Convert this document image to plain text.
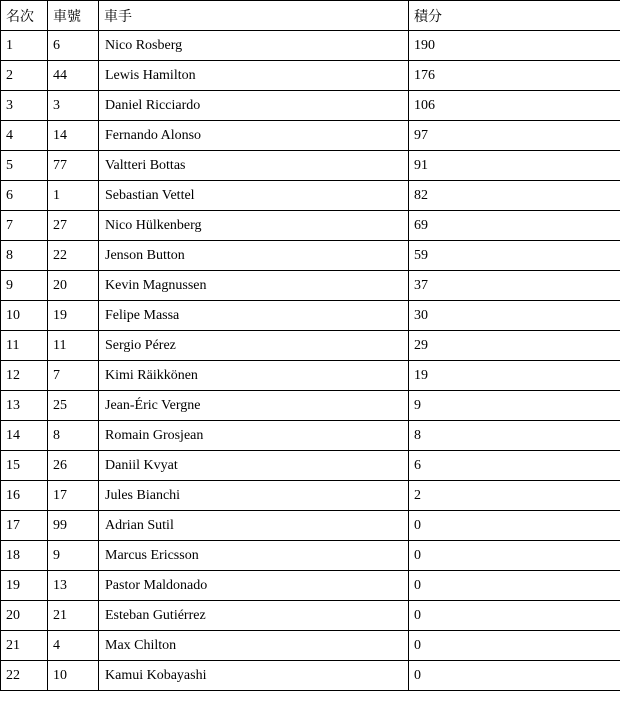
名次	車號	車手	積分
1	6	Nico Rosberg	190
2	44	Lewis Hamilton	176
3	3	Daniel Ricciardo	106
4	14	Fernando Alonso	97
5	77	Valtteri Bottas	91
6	1	Sebastian Vettel	82
7	27	Nico Hülkenberg	69
8	22	Jenson Button	59
9	20	Kevin Magnussen	37
10	19	Felipe Massa	30
11	11	Sergio Pérez	29
12	7	Kimi Räikkönen	19
13	25	Jean-Éric Vergne	9
14	8	Romain Grosjean	8
15	26	Daniil Kvyat	6
16	17	Jules Bianchi	2
17	99	Adrian Sutil	0
18	9	Marcus Ericsson	0
19	13	Pastor Maldonado	0
20	21	Esteban Gutiérrez	0
21	4	Max Chilton	0
22	10	Kamui Kobayashi	0
